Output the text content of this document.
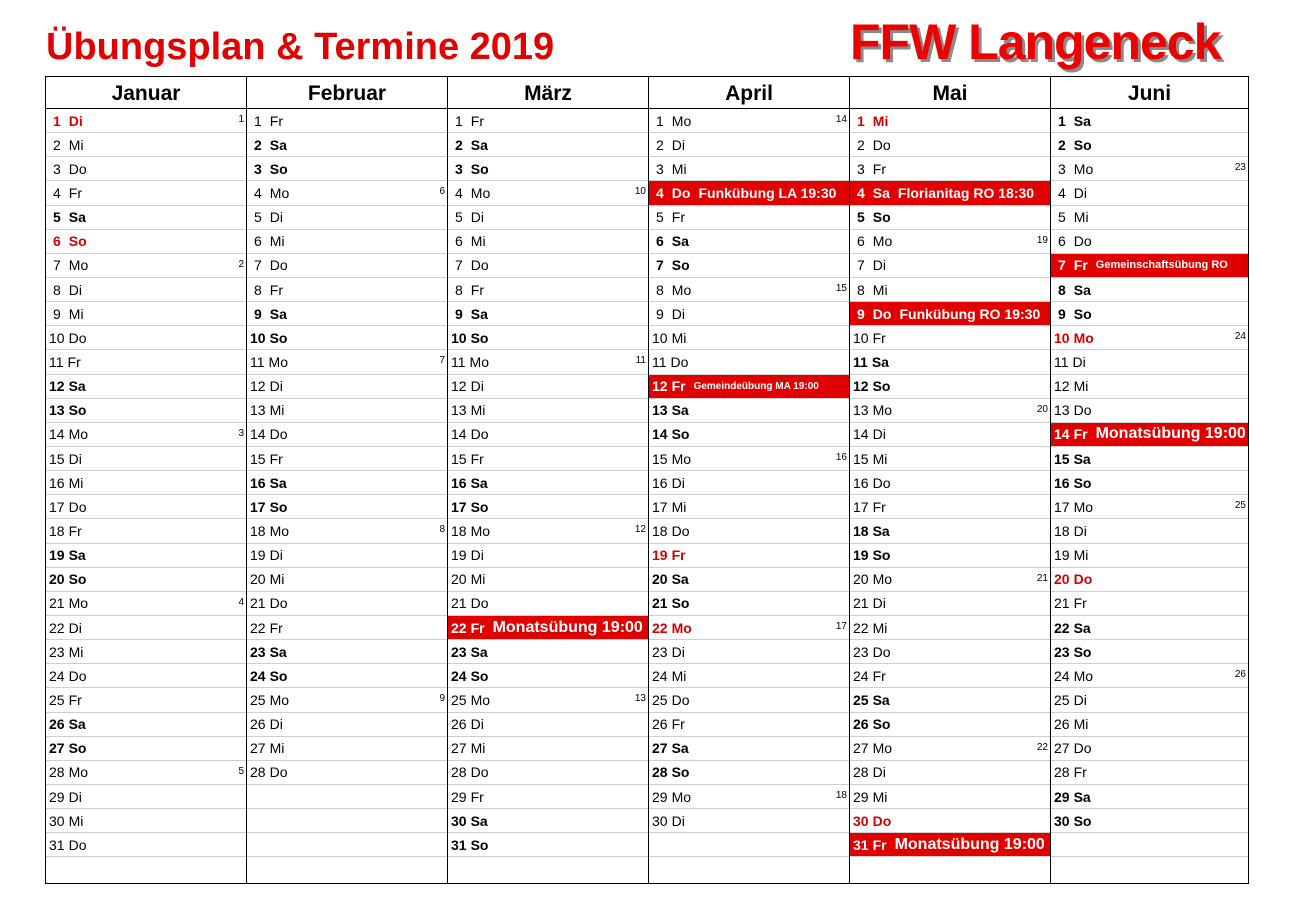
Übungsplan & Termine 2019	FFW Langeneck
Januar
1 Di	1
2 Mi
3 Do
4 Fr
5 Sa
6 So
7 Mo	2
8 Di
9 Mi
10 Do
11 Fr
12 Sa
13 So
14 Mo	3
15 Di
16 Mi
17 Do
18 Fr
19 Sa
20 So
21 Mo	4
22 Di
23 Mi
24 Do
25 Fr
26 Sa
27 So
28 Mo	5
29 Di
30 Mi
31 Do
Februar
1 Fr
2 Sa
3 So
4 Mo	6
5 Di
6 Mi
7 Do
8 Fr
9 Sa
10 So
11 Mo	7
12 Di
13 Mi
14 Do
15 Fr
16 Sa
17 So
18 Mo	8
19 Di
20 Mi
21 Do
22 Fr
23 Sa
24 So
25 Mo	9
26 Di
27 Mi
28 Do
März
1 Fr
2 Sa
3 So
4 Mo	10
5 Di
6 Mi
7 Do
8 Fr
9 Sa
10 So
11 Mo	11
12 Di
13 Mi
14 Do
15 Fr
16 Sa
17 So
18 Mo	12
19 Di
20 Mi
21 Do
22 Fr Monatsübung 19:00
23 Sa
24 So
25 Mo	13
26 Di
27 Mi
28 Do
29 Fr
30 Sa
31 So
April
1 Mo	14
2 Di
3 Mi
4 Do Funkübung LA 19:30
5 Fr
6 Sa
7 So
8 Mo	15
9 Di
10 Mi
11 Do
12 Fr Gemeindeübung MA 19:00
13 Sa
14 So
15 Mo	16
16 Di
17 Mi
18 Do
19 Fr
20 Sa
21 So
22 Mo	17
23 Di
24 Mi
25 Do
26 Fr
27 Sa
28 So
29 Mo	18
30 Di
Mai
1 Mi
2 Do
3 Fr
4 Sa Florianitag RO 18:30
5 So
6 Mo	19
7 Di
8 Mi
9 Do Funkübung RO 19:30
10 Fr
11 Sa
12 So
13 Mo	20
14 Di
15 Mi
16 Do
17 Fr
18 Sa
19 So
20 Mo	21
21 Di
22 Mi
23 Do
24 Fr
25 Sa
26 So
27 Mo	22
28 Di
29 Mi
30 Do
31 Fr Monatsübung 19:00
Juni
1 Sa
2 So
3 Mo	23
4 Di
5 Mi
6 Do
7 Fr Gemeinschaftsübung RO
8 Sa
9 So
10 Mo	24
11 Di
12 Mi
13 Do
14 Fr Monatsübung 19:00
15 Sa
16 So
17 Mo	25
18 Di
19 Mi
20 Do
21 Fr
22 Sa
23 So
24 Mo	26
25 Di
26 Mi
27 Do
28 Fr
29 Sa
30 So
